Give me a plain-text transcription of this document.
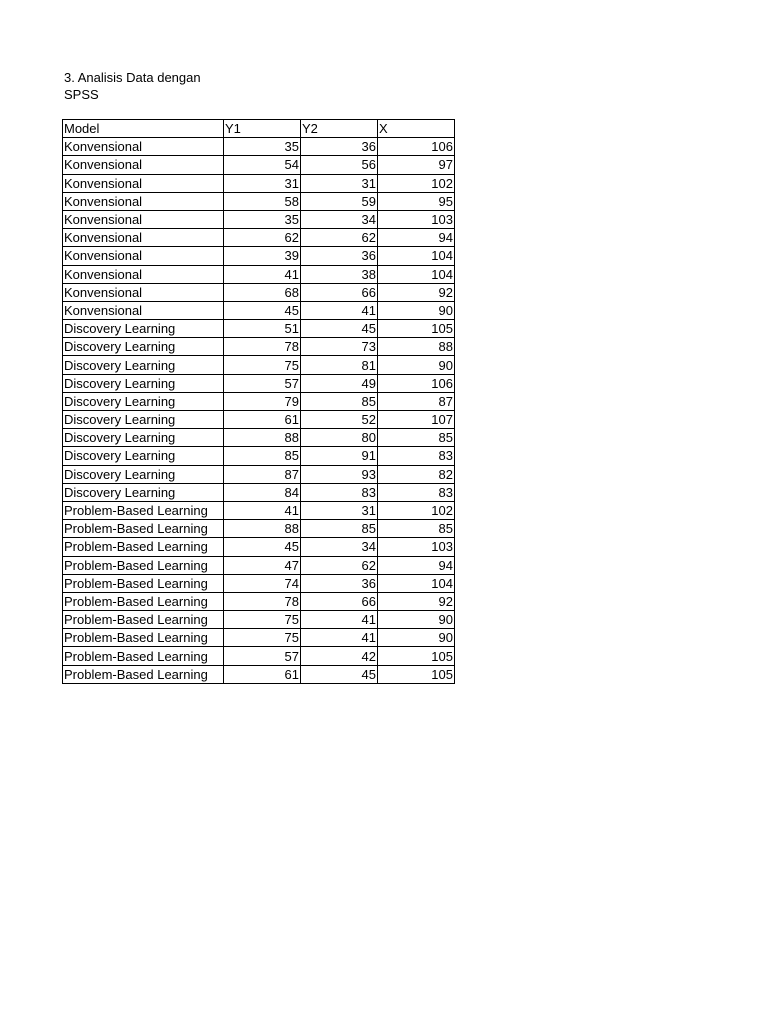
3. Analisis Data dengan
SPSS
Model	Y1	Y2	X
Konvensional	35	36	106
Konvensional	54	56	97
Konvensional	31	31	102
Konvensional	58	59	95
Konvensional	35	34	103
Konvensional	62	62	94
Konvensional	39	36	104
Konvensional	41	38	104
Konvensional	68	66	92
Konvensional	45	41	90
Discovery Learning	51	45	105
Discovery Learning	78	73	88
Discovery Learning	75	81	90
Discovery Learning	57	49	106
Discovery Learning	79	85	87
Discovery Learning	61	52	107
Discovery Learning	88	80	85
Discovery Learning	85	91	83
Discovery Learning	87	93	82
Discovery Learning	84	83	83
Problem-Based Learning	41	31	102
Problem-Based Learning	88	85	85
Problem-Based Learning	45	34	103
Problem-Based Learning	47	62	94
Problem-Based Learning	74	36	104
Problem-Based Learning	78	66	92
Problem-Based Learning	75	41	90
Problem-Based Learning	75	41	90
Problem-Based Learning	57	42	105
Problem-Based Learning	61	45	105
